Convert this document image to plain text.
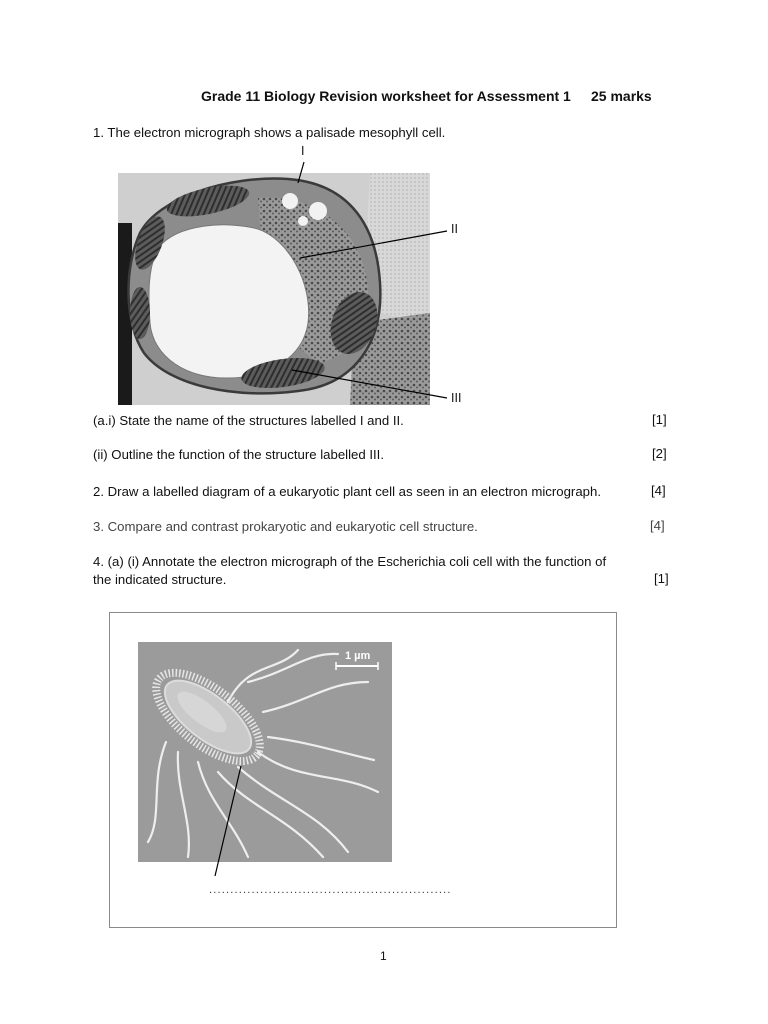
Grade 11 Biology Revision worksheet for Assessment 1 25 marks
1. The electron micrograph shows a palisade mesophyll cell.
I
II
III
(a.i) State the name of the structures labelled I and II.	[1]
(ii) Outline the function of the structure labelled III.	[2]
2. Draw a labelled diagram of a eukaryotic plant cell as seen in an electron micrograph.	[4]
3. Compare and contrast prokaryotic and eukaryotic cell structure.	[4]
4. (a) (i) Annotate the electron micrograph of the Escherichia coli cell with the function of
the indicated structure.	[1]
1 µm
.........................................................
1
